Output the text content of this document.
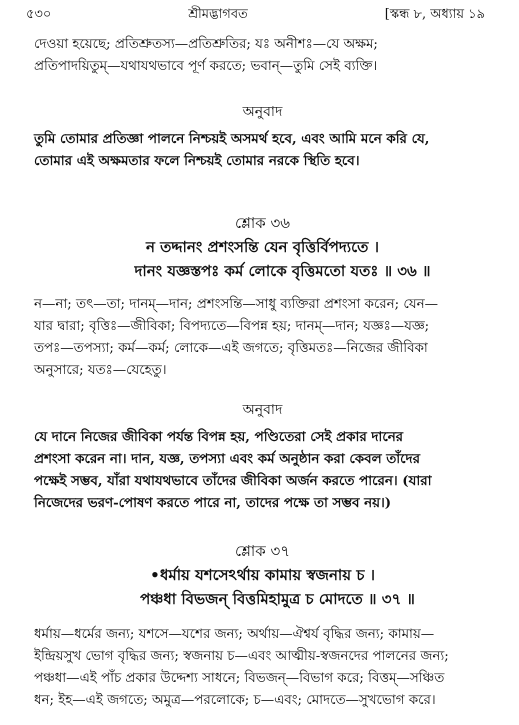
৫৩০	শ্রীমদ্ভাগবত	[স্কন্ধ ৮, অধ্যায় ১৯
দেওয়া হয়েছে; প্রতিশ্রুতস্য—প্রতিশ্রুতির; যঃ অনীশঃ—যে অক্ষম;
প্রতিপাদয়িতুম্—যথাযথভাবে পূর্ণ করতে; ভবান্—তুমি সেই ব্যক্তি।
অনুবাদ
তুমি তোমার প্রতিজ্ঞা পালনে নিশ্চয়ই অসমর্থ হবে, এবং আমি মনে করি যে,
তোমার এই অক্ষমতার ফলে নিশ্চয়ই তোমার নরকে স্থিতি হবে।
শ্লোক ৩৬
ন তদ্দানং প্রশংসন্তি যেন বৃত্তির্বিপদ্যতে ।
দানং যজ্ঞস্তপঃ কর্ম লোকে বৃত্তিমতো যতঃ ॥ ৩৬ ॥
ন—না; তৎ—তা; দানম্—দান; প্রশংসন্তি—সাধু ব্যক্তিরা প্রশংসা করেন; যেন—
যার দ্বারা; বৃত্তিঃ—জীবিকা; বিপদ্যতে—বিপন্ন হয়; দানম্—দান; যজ্ঞঃ—যজ্ঞ;
তপঃ—তপস্যা; কর্ম—কর্ম; লোকে—এই জগতে; বৃত্তিমতঃ—নিজের জীবিকা
অনুসারে; যতঃ—যেহেতু।
অনুবাদ
যে দানে নিজের জীবিকা পর্যন্ত বিপন্ন হয়, পণ্ডিতেরা সেই প্রকার দানের
প্রশংসা করেন না। দান, যজ্ঞ, তপস্যা এবং কর্ম অনুষ্ঠান করা কেবল তাঁদের
পক্ষেই সম্ভব, যাঁরা যথাযথভাবে তাঁদের জীবিকা অর্জন করতে পারেন। (যারা
নিজেদের ভরণ-পোষণ করতে পারে না, তাদের পক্ষে তা সম্ভব নয়।)
শ্লোক ৩৭
•ধর্মায় যশসেঽর্থায় কামায় স্বজনায় চ ।
পঞ্চধা বিভজন্ বিত্তমিহামুত্র চ মোদতে ॥ ৩৭ ॥
ধর্মায়—ধর্মের জন্য; যশসে—যশের জন্য; অর্থায়—ঐশ্বর্য বৃদ্ধির জন্য; কামায়—
ইন্দ্রিয়সুখ ভোগ বৃদ্ধির জন্য; স্বজনায় চ—এবং আত্মীয়-স্বজনদের পালনের জন্য;
পঞ্চধা—এই পাঁচ প্রকার উদ্দেশ্য সাধনে; বিভজন্—বিভাগ করে; বিত্তম্—সঞ্চিত
ধন; ইহ—এই জগতে; অমুত্র—পরলোকে; চ—এবং; মোদতে—সুখভোগ করে।
